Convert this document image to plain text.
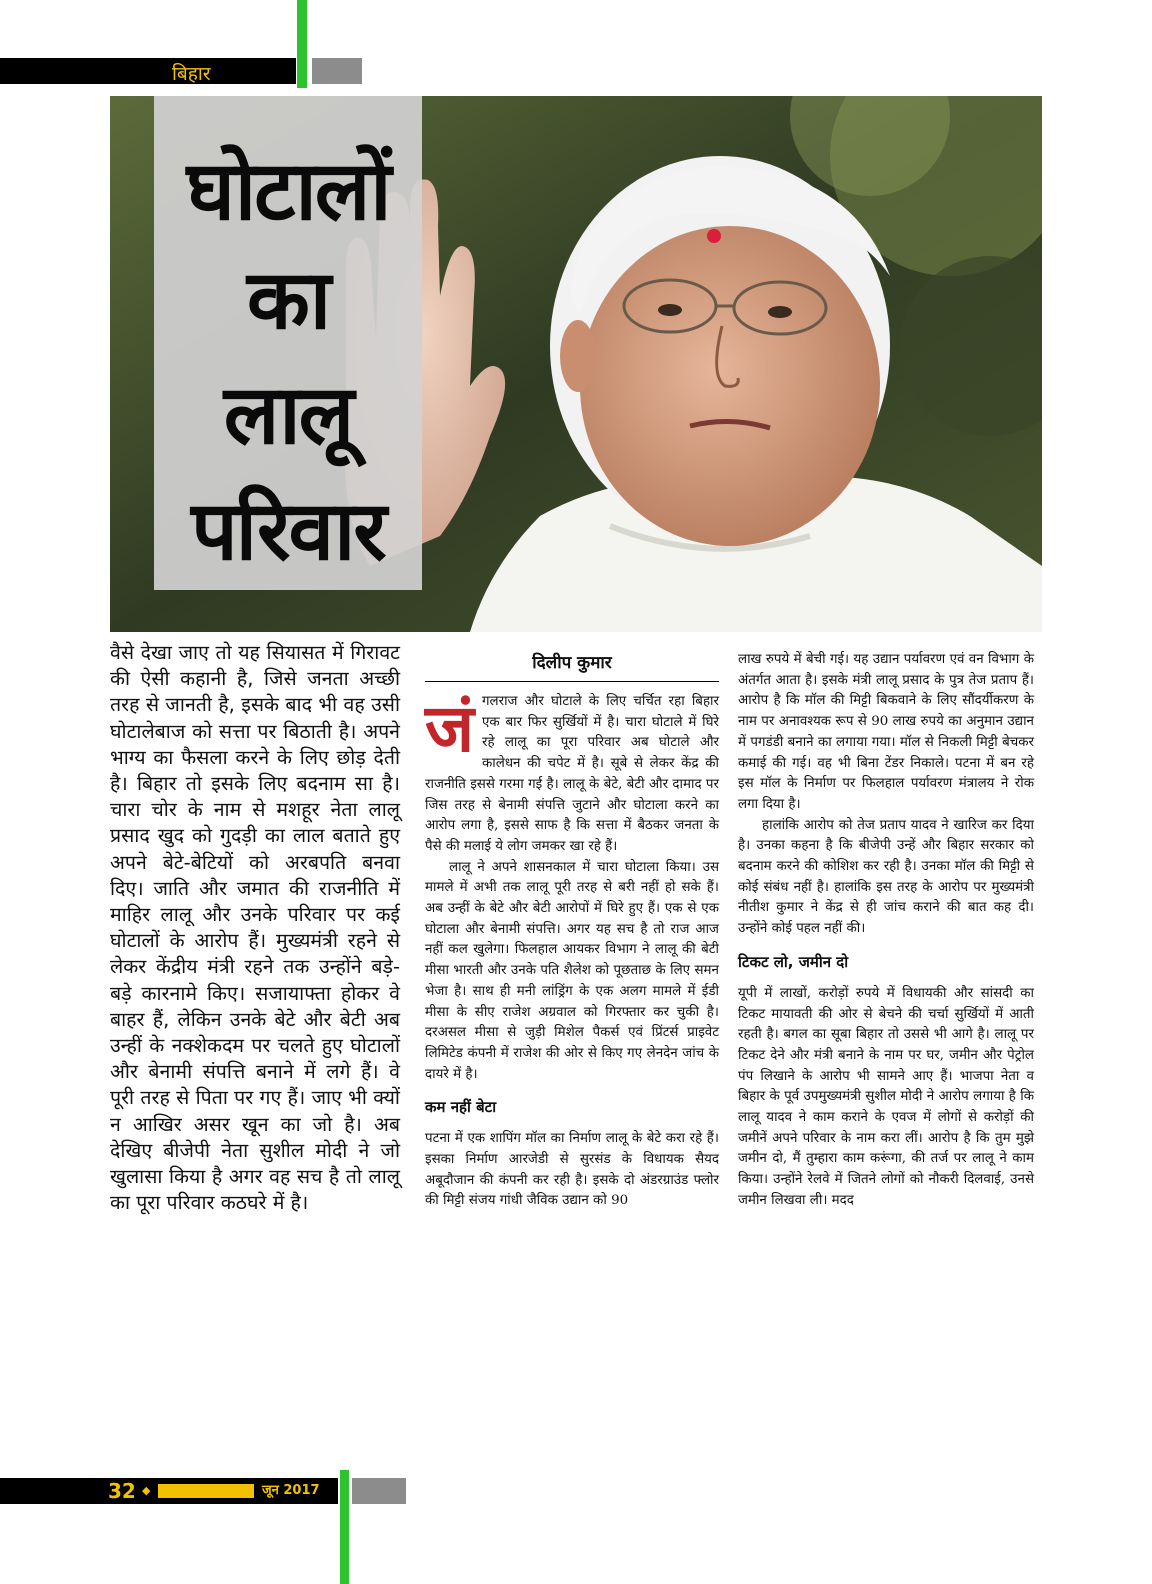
बिहार
घोटालों
का
लालू
परिवार
वैसे देखा जाए तो यह सियासत में गिरावट की ऐसी कहानी है, जिसे जनता अच्छी तरह से जानती है, इसके बाद भी वह उसी घोटालेबाज को सत्ता पर बिठाती है। अपने भाग्य का फैसला करने के लिए छोड़ देती है। बिहार तो इसके लिए बदनाम सा है। चारा चोर के नाम से मशहूर नेता लालू प्रसाद खुद को गुदड़ी का लाल बताते हुए अपने बेटे-बेटियों को अरबपति बनवा दिए। जाति और जमात की राजनीति में माहिर लालू और उनके परिवार पर कई घोटालों के आरोप हैं। मुख्यमंत्री रहने से लेकर केंद्रीय मंत्री रहने तक उन्होंने बड़े-बड़े कारनामे किए। सजायाफ्ता होकर वे बाहर हैं, लेकिन उनके बेटे और बेटी अब उन्हीं के नक्शेकदम पर चलते हुए घोटालों और बेनामी संपत्ति बनाने में लगे हैं। वे पूरी तरह से पिता पर गए हैं। जाए भी क्यों न आखिर असर खून का जो है। अब देखिए बीजेपी नेता सुशील मोदी ने जो खुलासा किया है अगर वह सच है तो लालू का पूरा परिवार कठघरे में है।
दिलीप कुमार
जं गलराज और घोटाले के लिए चर्चित रहा बिहार एक बार फिर सुर्खियों में है। चारा घोटाले में घिरे रहे लालू का पूरा परिवार अब घोटाले और कालेधन की चपेट में है। सूबे से लेकर केंद्र की राजनीति इससे गरमा गई है। लालू के बेटे, बेटी और दामाद पर जिस तरह से बेनामी संपत्ति जुटाने और घोटाला करने का आरोप लगा है, इससे साफ है कि सत्ता में बैठकर जनता के पैसे की मलाई ये लोग जमकर खा रहे हैं।
लालू ने अपने शासनकाल में चारा घोटाला किया। उस मामले में अभी तक लालू पूरी तरह से बरी नहीं हो सके हैं। अब उन्हीं के बेटे और बेटी आरोपों में घिरे हुए हैं। एक से एक घोटाला और बेनामी संपत्ति। अगर यह सच है तो राज आज नहीं कल खुलेगा। फिलहाल आयकर विभाग ने लालू की बेटी मीसा भारती और उनके पति शैलेश को पूछताछ के लिए समन भेजा है। साथ ही मनी लांड्रिंग के एक अलग मामले में ईडी मीसा के सीए राजेश अग्रवाल को गिरफ्तार कर चुकी है। दरअसल मीसा से जुड़ी मिशेल पैकर्स एवं प्रिंटर्स प्राइवेट लिमिटेड कंपनी में राजेश की ओर से किए गए लेनदेन जांच के दायरे में है।
कम नहीं बेटा
पटना में एक शापिंग मॉल का निर्माण लालू के बेटे करा रहे हैं। इसका निर्माण आरजेडी से सुरसंड के विधायक सैयद अबूदौजान की कंपनी कर रही है। इसके दो अंडरग्राउंड फ्लोर की मिट्टी संजय गांधी जैविक उद्यान को 90
लाख रुपये में बेची गई। यह उद्यान पर्यावरण एवं वन विभाग के अंतर्गत आता है। इसके मंत्री लालू प्रसाद के पुत्र तेज प्रताप हैं। आरोप है कि मॉल की मिट्टी बिकवाने के लिए सौंदर्यीकरण के नाम पर अनावश्यक रूप से 90 लाख रुपये का अनुमान उद्यान में पगडंडी बनाने का लगाया गया। मॉल से निकली मिट्टी बेचकर कमाई की गई। वह भी बिना टेंडर निकाले। पटना में बन रहे इस मॉल के निर्माण पर फिलहाल पर्यावरण मंत्रालय ने रोक लगा दिया है।
हालांकि आरोप को तेज प्रताप यादव ने खारिज कर दिया है। उनका कहना है कि बीजेपी उन्हें और बिहार सरकार को बदनाम करने की कोशिश कर रही है। उनका मॉल की मिट्टी से कोई संबंध नहीं है। हालांकि इस तरह के आरोप पर मुख्यमंत्री नीतीश कुमार ने केंद्र से ही जांच कराने की बात कह दी। उन्होंने कोई पहल नहीं की।
टिकट लो, जमीन दो
यूपी में लाखों, करोड़ों रुपये में विधायकी और सांसदी का टिकट मायावती की ओर से बेचने की चर्चा सुर्खियों में आती रहती है। बगल का सूबा बिहार तो उससे भी आगे है। लालू पर टिकट देने और मंत्री बनाने के नाम पर घर, जमीन और पेट्रोल पंप लिखाने के आरोप भी सामने आए हैं। भाजपा नेता व बिहार के पूर्व उपमुख्यमंत्री सुशील मोदी ने आरोप लगाया है कि लालू यादव ने काम कराने के एवज में लोगों से करोड़ों की जमीनें अपने परिवार के नाम करा लीं। आरोप है कि तुम मुझे जमीन दो, मैं तुम्हारा काम करूंगा, की तर्ज पर लालू ने काम किया। उन्होंने रेलवे में जितने लोगों को नौकरी दिलवाई, उनसे जमीन लिखवा ली। मदद
32 ◆	जून 2017
